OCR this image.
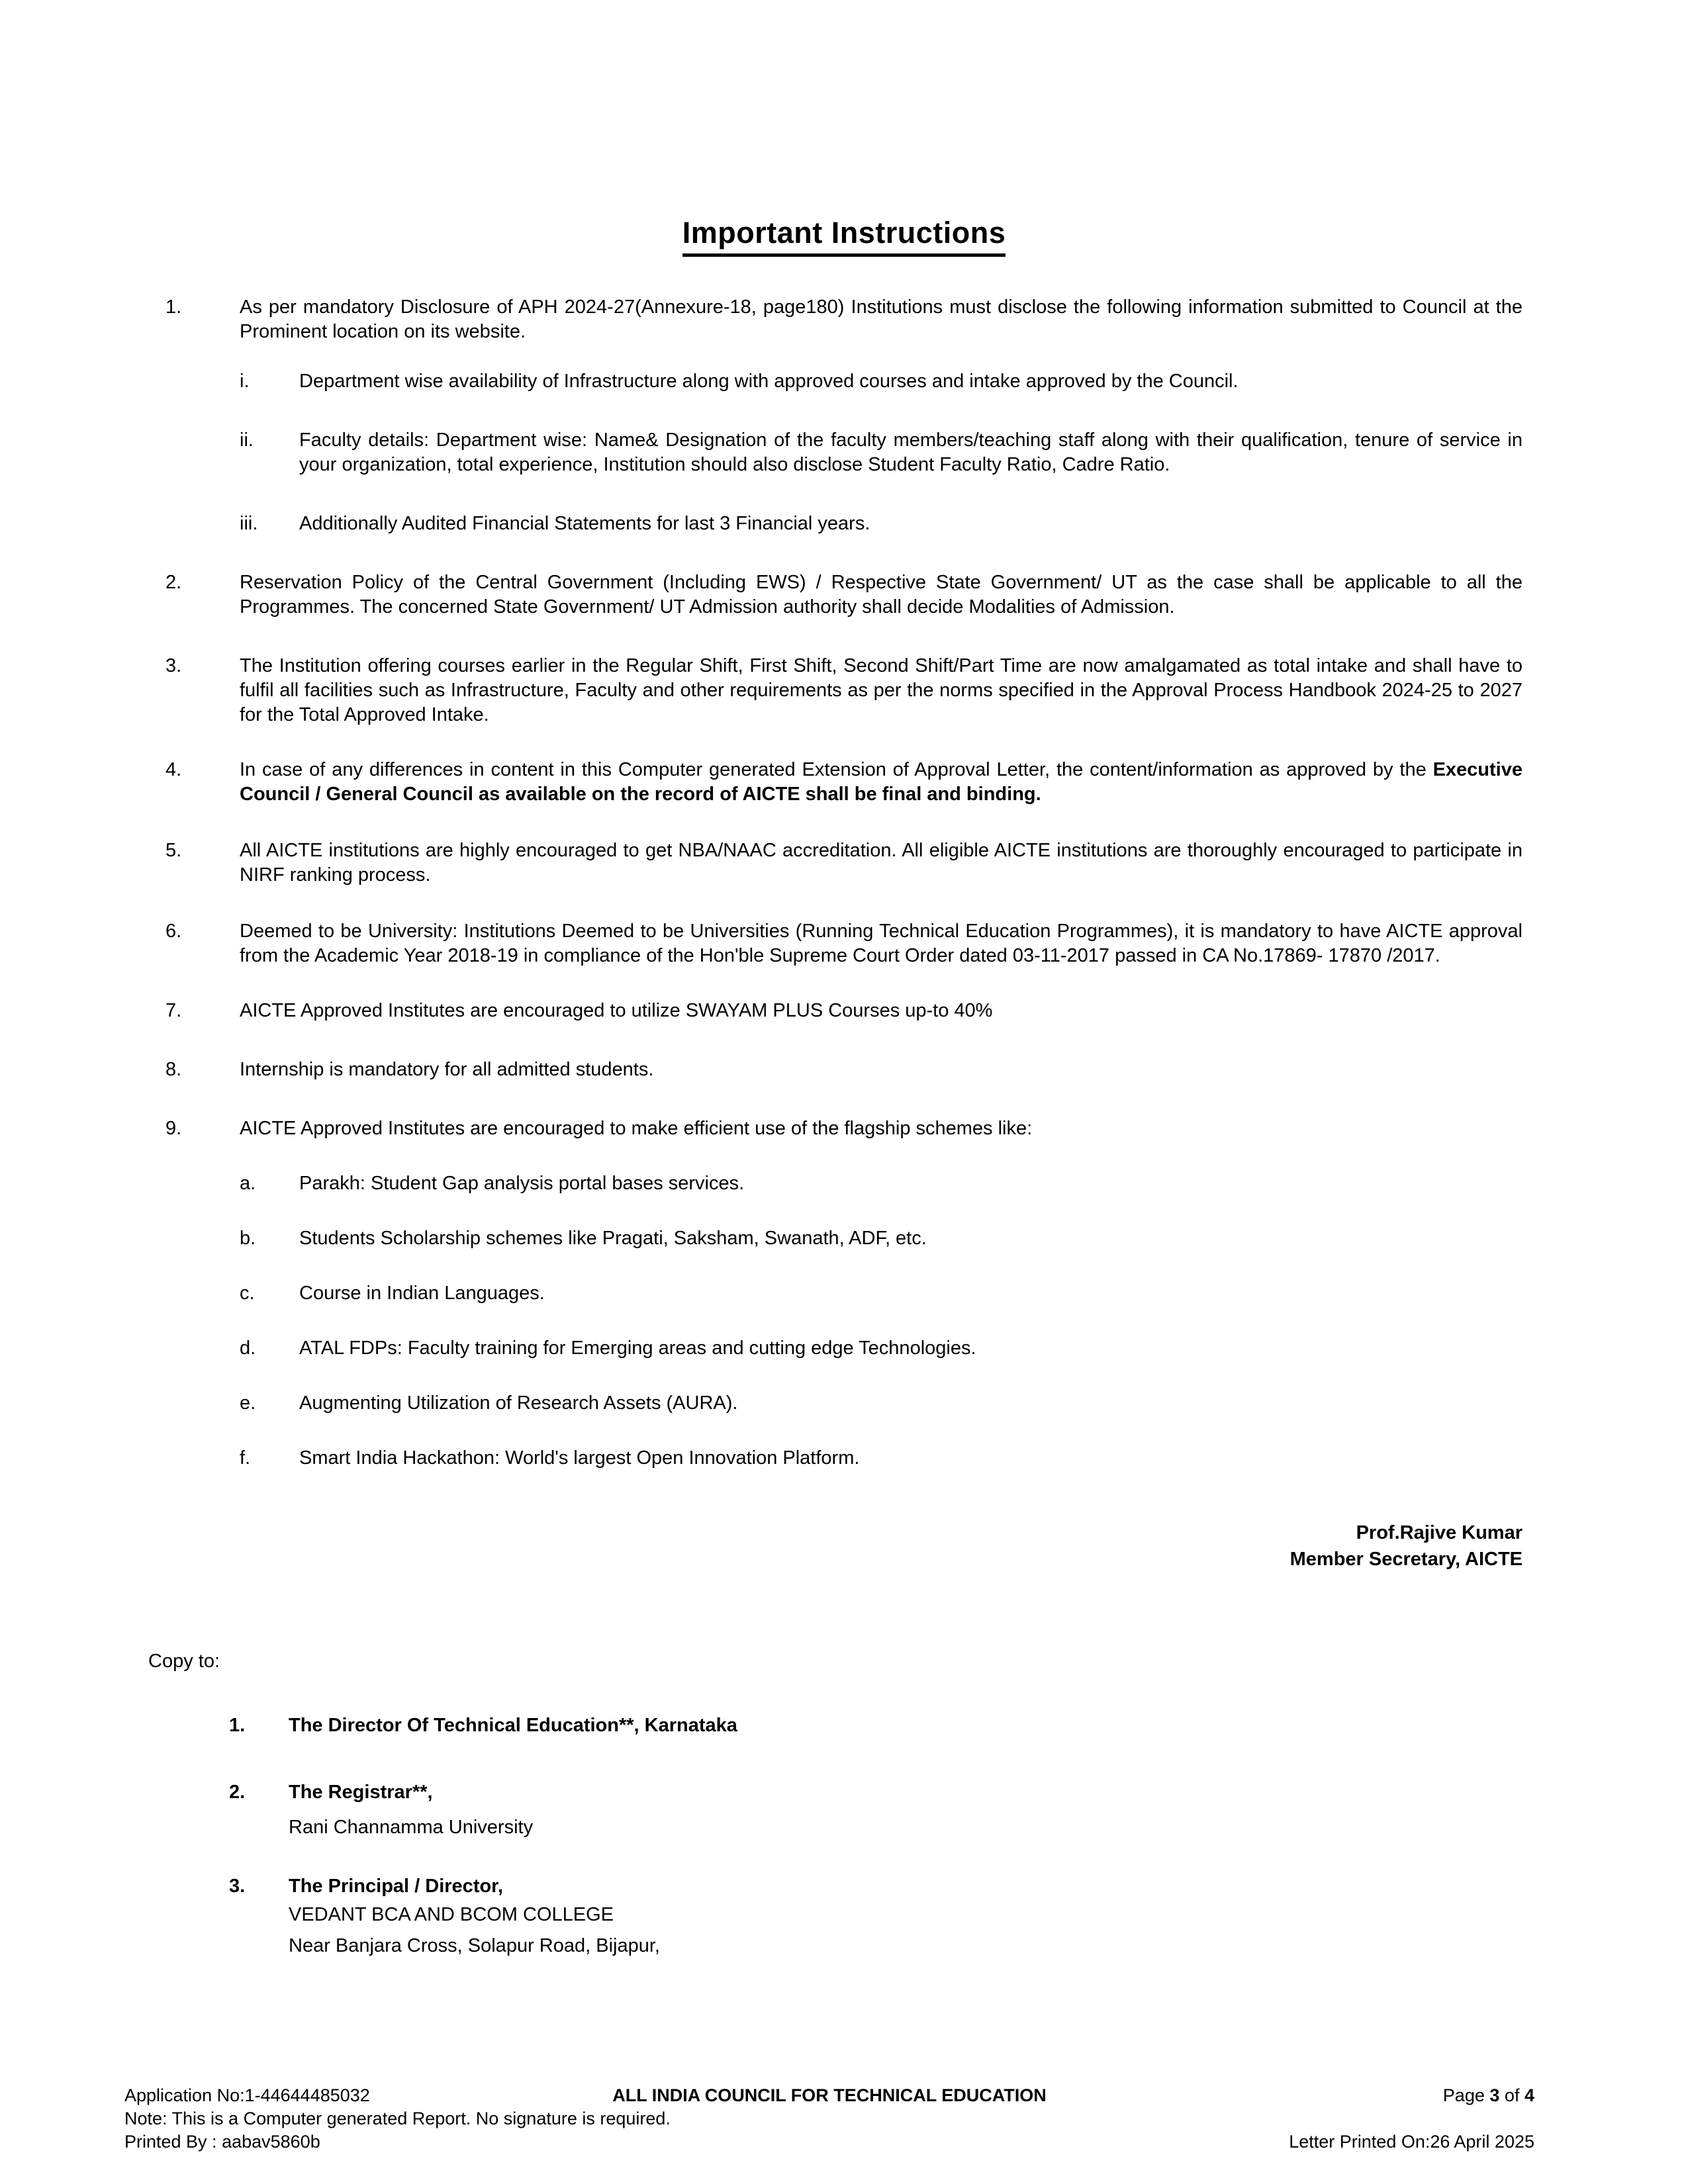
Important Instructions
1.	As per mandatory Disclosure of APH 2024-27(Annexure-18, page180) Institutions must disclose the following information submitted to Council at the Prominent location on its website.
i.	Department wise availability of Infrastructure along with approved courses and intake approved by the Council.
ii.	Faculty details: Department wise: Name& Designation of the faculty members/teaching staff along with their qualification, tenure of service in your organization, total experience, Institution should also disclose Student Faculty Ratio, Cadre Ratio.
iii.	Additionally Audited Financial Statements for last 3 Financial years.
2.	Reservation Policy of the Central Government (Including EWS) / Respective State Government/ UT as the case shall be applicable to all the Programmes. The concerned State Government/ UT Admission authority shall decide Modalities of Admission.
3.	The Institution offering courses earlier in the Regular Shift, First Shift, Second Shift/Part Time are now amalgamated as total intake and shall have to fulfil all facilities such as Infrastructure, Faculty and other requirements as per the norms specified in the Approval Process Handbook 2024-25 to 2027 for the Total Approved Intake.
4.	In case of any differences in content in this Computer generated Extension of Approval Letter, the content/information as approved by the Executive Council / General Council as available on the record of AICTE shall be final and binding.
5.	All AICTE institutions are highly encouraged to get NBA/NAAC accreditation. All eligible AICTE institutions are thoroughly encouraged to participate in NIRF ranking process.
6.	Deemed to be University: Institutions Deemed to be Universities (Running Technical Education Programmes), it is mandatory to have AICTE approval from the Academic Year 2018-19 in compliance of the Hon'ble Supreme Court Order dated 03-11-2017 passed in CA No.17869- 17870 /2017.
7.	AICTE Approved Institutes are encouraged to utilize SWAYAM PLUS Courses up-to 40%
8.	Internship is mandatory for all admitted students.
9.	AICTE Approved Institutes are encouraged to make efficient use of the flagship schemes like:
a.	Parakh: Student Gap analysis portal bases services.
b.	Students Scholarship schemes like Pragati, Saksham, Swanath, ADF, etc.
c.	Course in Indian Languages.
d.	ATAL FDPs: Faculty training for Emerging areas and cutting edge Technologies.
e.	Augmenting Utilization of Research Assets (AURA).
f.	Smart India Hackathon: World's largest Open Innovation Platform.
Prof.Rajive Kumar
Member Secretary, AICTE
Copy to:
1.	The Director Of Technical Education**, Karnataka
2.	The Registrar**,
Rani Channamma University
3.	The Principal / Director,
VEDANT BCA AND BCOM COLLEGE
Near Banjara Cross, Solapur Road, Bijapur,
Application No:1-44644485032	ALL INDIA COUNCIL FOR TECHNICAL EDUCATION	Page 3 of 4
Note: This is a Computer generated Report. No signature is required.
Printed By : aabav5860b	Letter Printed On:26 April 2025
